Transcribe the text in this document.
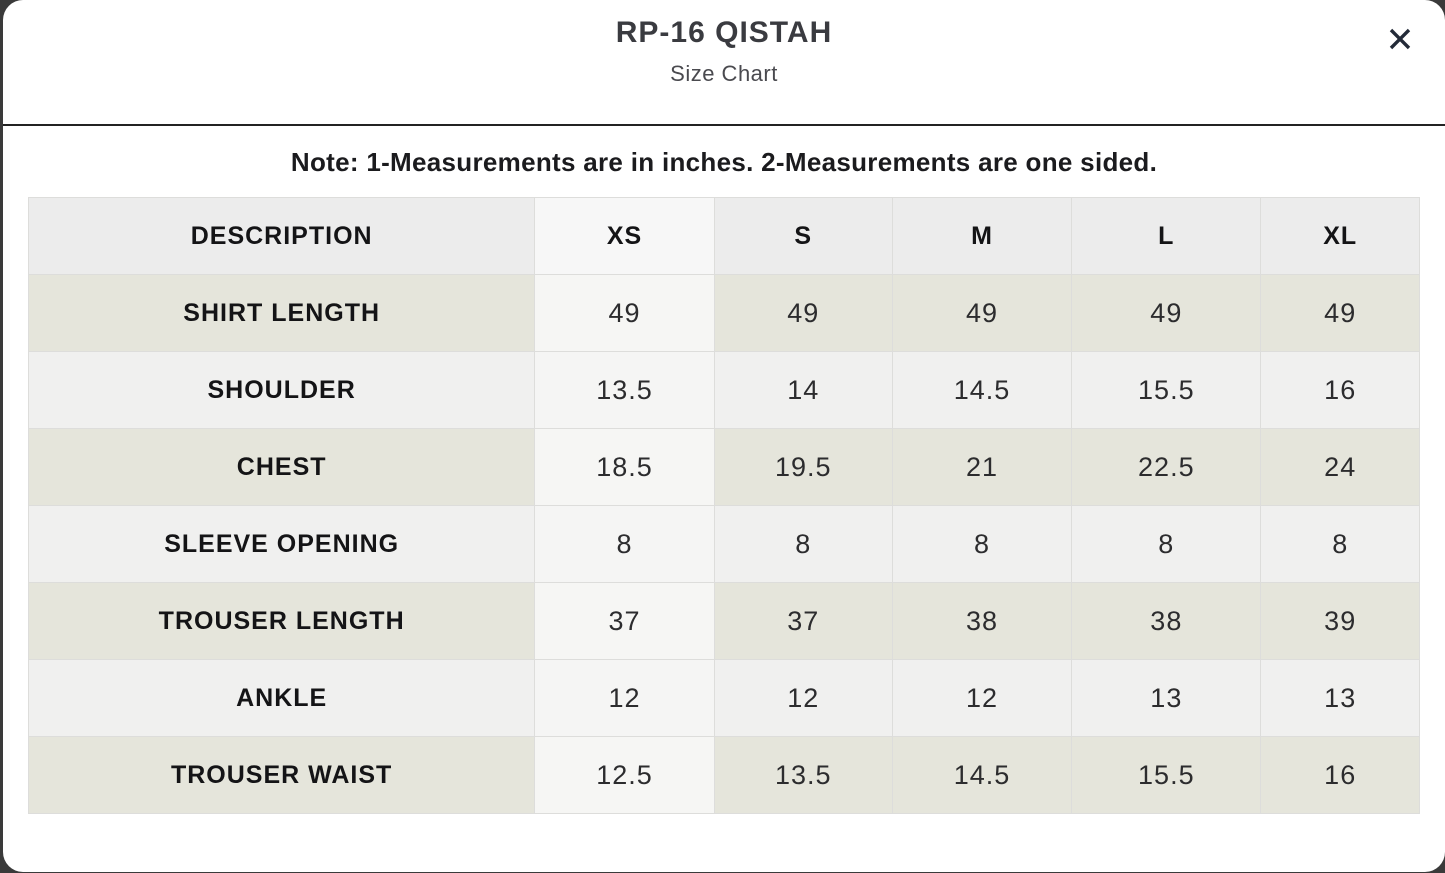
RP-16 QISTAH
Size Chart
Note: 1-Measurements are in inches. 2-Measurements are one sided.
DESCRIPTION	XS	S	M	L	XL
SHIRT LENGTH	49	49	49	49	49
SHOULDER	13.5	14	14.5	15.5	16
CHEST	18.5	19.5	21	22.5	24
SLEEVE OPENING	8	8	8	8	8
TROUSER LENGTH	37	37	38	38	39
ANKLE	12	12	12	13	13
TROUSER WAIST	12.5	13.5	14.5	15.5	16
